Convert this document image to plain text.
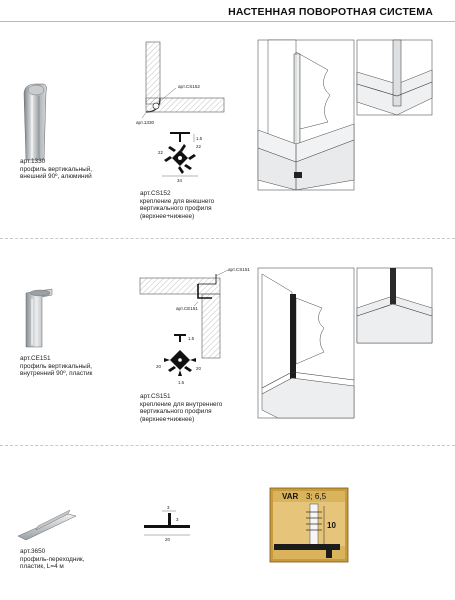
НАСТЕННАЯ ПОВОРОТНАЯ СИСТЕМА
арт.1330
профиль вертикальный,
внешний 90º, алюминий
арт.CS152
арт.1330
1.5
34
22
22
арт.CS152
крепление для внешнего
вертикального профиля
(верхнее+нижнее)
арт.CE151
профиль вертикальный,
внутренний 90º, пластик
арт.CS151
арт.CE151
1.5
20	20
1.5
арт.CS151
крепление для внутреннего
вертикального профиля
(верхнее+нижнее)
арт.3650
профиль-переходник,
пластик, L=4 м
3
20
3
VAR 3; 6,5
10
